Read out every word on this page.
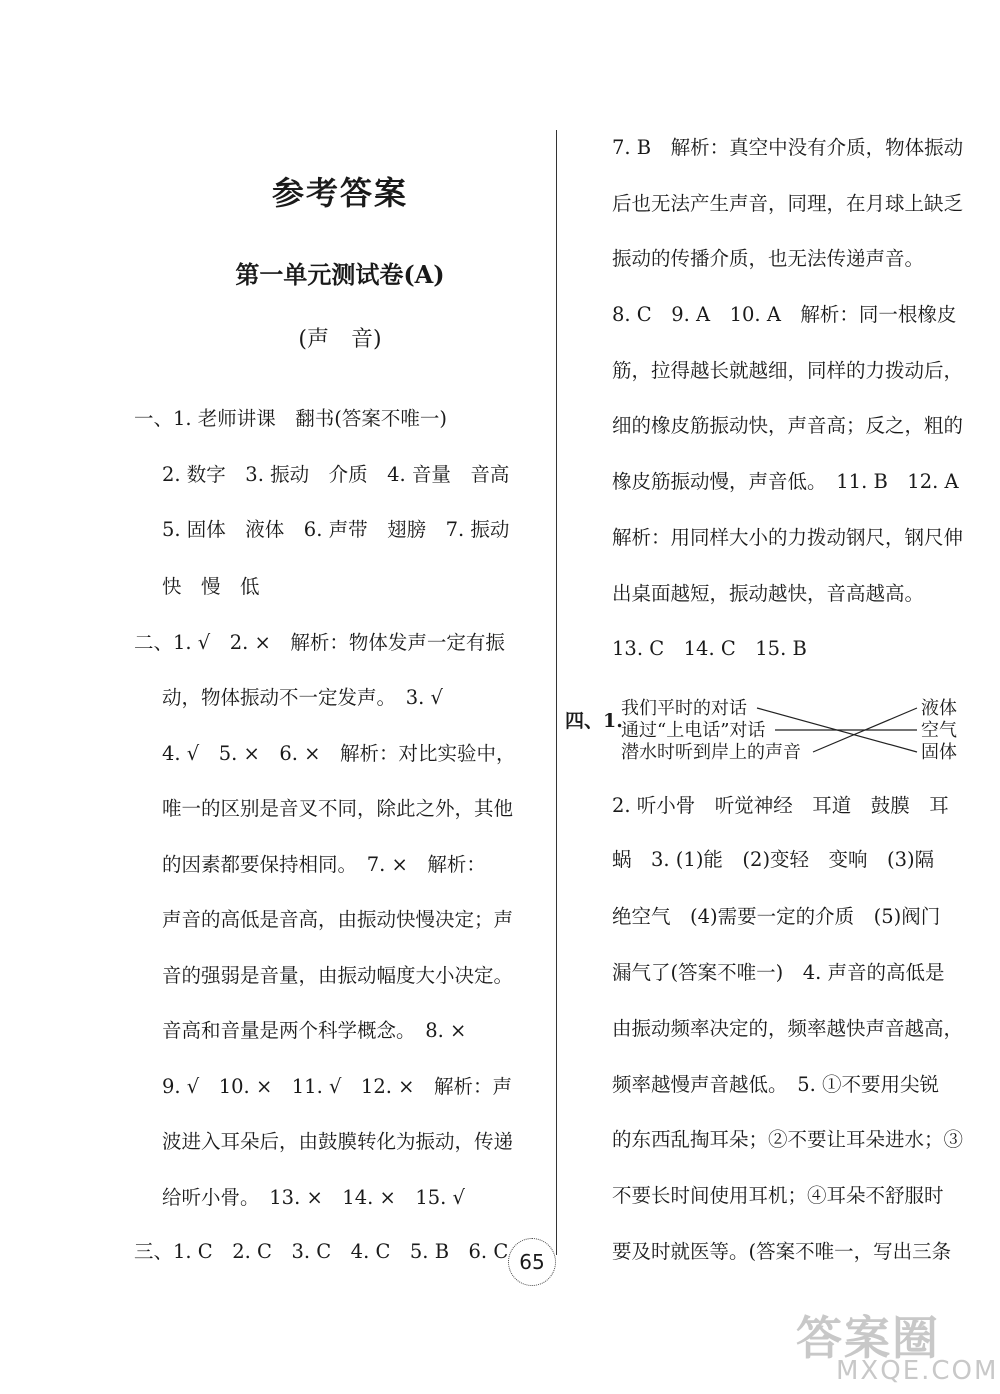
参考答案
第一单元测试卷(A)
(声　音)
一、1. 老师讲课　翻书(答案不唯一)
2. 数字　3. 振动　介质　4. 音量　音高
5. 固体　液体　6. 声带　翅膀　7. 振动
快　慢　低
二、1. √　2. ×　解析：物体发声一定有振
动，物体振动不一定发声。　3. √
4. √　5. ×　6. ×　解析：对比实验中，
唯一的区别是音叉不同，除此之外，其他
的因素都要保持相同。　7. ×　解析：
声音的高低是音高，由振动快慢决定；声
音的强弱是音量，由振动幅度大小决定。
音高和音量是两个科学概念。　8. ×
9. √　10. ×　11. √　12. ×　解析：声
波进入耳朵后，由鼓膜转化为振动，传递
给听小骨。　13. ×　14. ×　15. √
三、1. C　2. C　3. C　4. C　5. B　6. C
7. B　解析：真空中没有介质，物体振动
后也无法产生声音，同理，在月球上缺乏
振动的传播介质，也无法传递声音。
8. C　9. A　10. A　解析：同一根橡皮
筋，拉得越长就越细，同样的力拨动后，
细的橡皮筋振动快，声音高；反之，粗的
橡皮筋振动慢，声音低。　11. B　12. A
解析：用同样大小的力拨动钢尺，钢尺伸
出桌面越短，振动越快，音高越高。
13. C　14. C　15. B
四、1.
我们平时的对话
通过“上电话”对话
潜水时听到岸上的声音
液体
空气
固体
2. 听小骨　听觉神经　耳道　鼓膜　耳
蜗　3. (1)能　(2)变轻　变响　(3)隔
绝空气　(4)需要一定的介质　(5)阀门
漏气了(答案不唯一)　4. 声音的高低是
由振动频率决定的，频率越快声音越高，
频率越慢声音越低。　5. ①不要用尖锐
的东西乱掏耳朵；②不要让耳朵进水；③
不要长时间使用耳机；④耳朵不舒服时
要及时就医等。(答案不唯一，写出三条
65
答案圈
MXQE.COM
